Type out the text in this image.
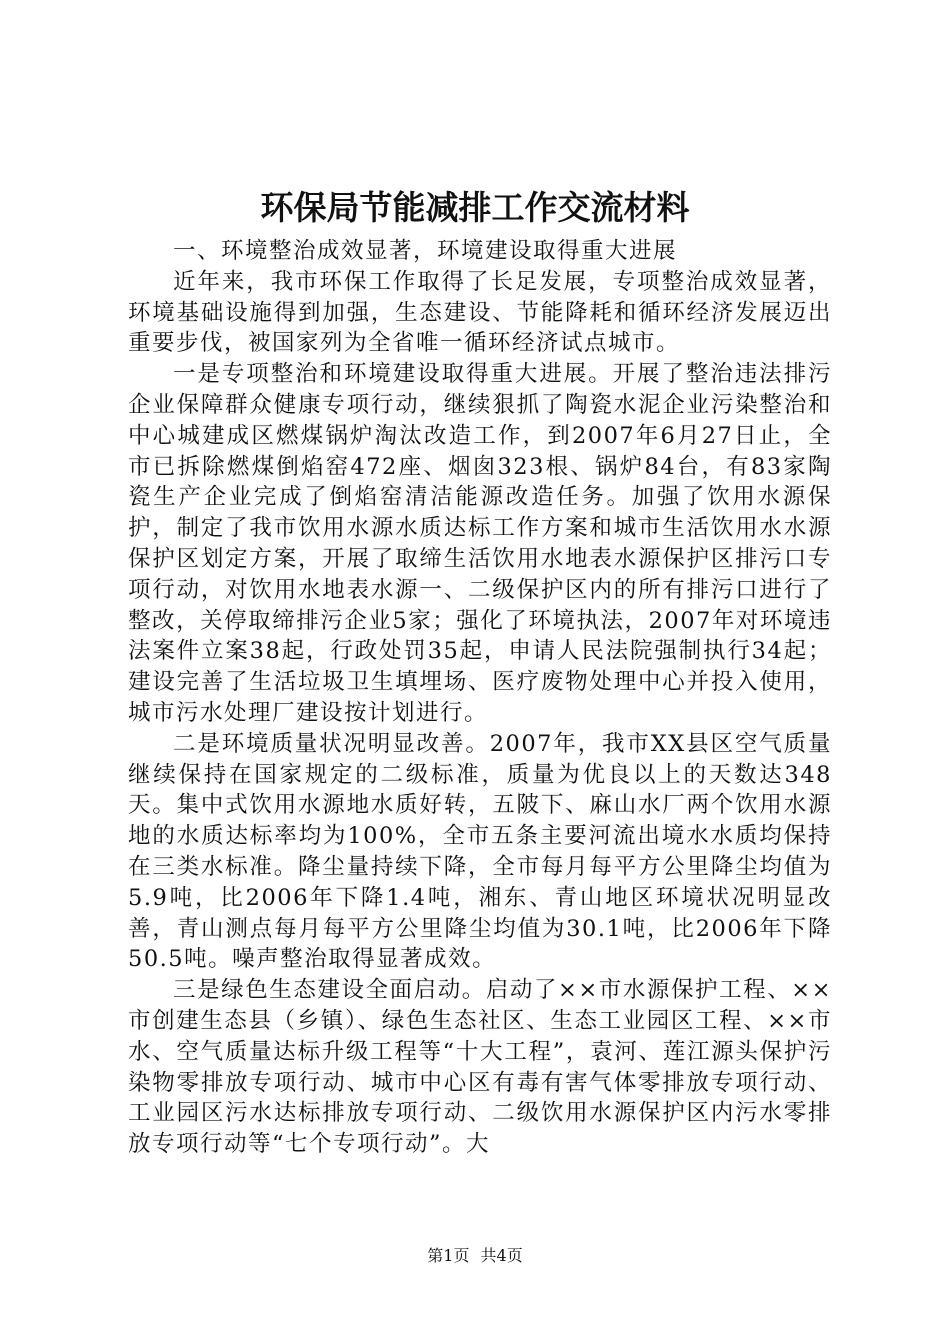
环保局节能减排工作交流材料

一、环境整治成效显著，环境建设取得重大进展

近年来，我市环保工作取得了长足发展，专项整治成效显著，环境基础设施得到加强，生态建设、节能降耗和循环经济发展迈出重要步伐，被国家列为全省唯一循环经济试点城市。

一是专项整治和环境建设取得重大进展。开展了整治违法排污企业保障群众健康专项行动，继续狠抓了陶瓷水泥企业污染整治和中心城建成区燃煤锅炉淘汰改造工作，到2007年6月27日止，全市已拆除燃煤倒焰窑472座、烟囱323根、锅炉84台，有83家陶瓷生产企业完成了倒焰窑清洁能源改造任务。加强了饮用水源保护，制定了我市饮用水源水质达标工作方案和城市生活饮用水水源保护区划定方案，开展了取缔生活饮用水地表水源保护区排污口专项行动，对饮用水地表水源一、二级保护区内的所有排污口进行了整改，关停取缔排污企业5家；强化了环境执法，2007年对环境违法案件立案38起，行政处罚35起，申请人民法院强制执行34起；建设完善了生活垃圾卫生填埋场、医疗废物处理中心并投入使用，城市污水处理厂建设按计划进行。

二是环境质量状况明显改善。2007年，我市XX县区空气质量继续保持在国家规定的二级标准，质量为优良以上的天数达348天。集中式饮用水源地水质好转，五陂下、麻山水厂两个饮用水源地的水质达标率均为100%，全市五条主要河流出境水水质均保持在三类水标准。降尘量持续下降，全市每月每平方公里降尘均值为5.9吨，比2006年下降1.4吨，湘东、青山地区环境状况明显改善，青山测点每月每平方公里降尘均值为30.1吨，比2006年下降50.5吨。噪声整治取得显著成效。

三是绿色生态建设全面启动。启动了××市水源保护工程、××市创建生态县（乡镇）、绿色生态社区、生态工业园区工程、××市水、空气质量达标升级工程等“十大工程”，袁河、莲江源头保护污染物零排放专项行动、城市中心区有毒有害气体零排放专项行动、工业园区污水达标排放专项行动、二级饮用水源保护区内污水零排放专项行动等“七个专项行动”。大

第1页 共4页
